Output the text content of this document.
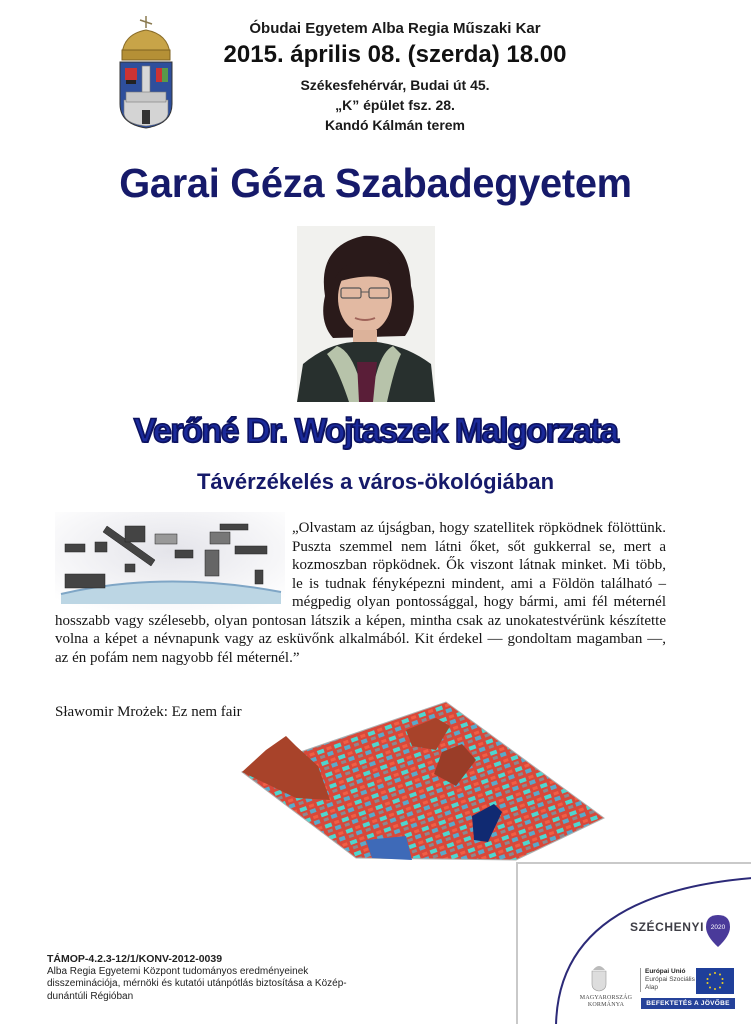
Óbudai Egyetem Alba Regia Műszaki Kar
2015. április 08. (szerda) 18.00
Székesfehérvár, Budai út 45.
„K” épület fsz. 28.
Kandó Kálmán terem
Garai Géza Szabadegyetem
Verőné Dr. Wojtaszek Malgorzata
Távérzékelés a város-ökológiában
„Olvastam az újságban, hogy szatellitek röpködnek fölöttünk. Puszta szemmel nem látni őket, sőt gukkerral se, mert a kozmoszban röpködnek. Ők viszont látnak minket. Mi több, le is tudnak fényképezni mindent, ami a Földön található – mégpedig olyan pontossággal, hogy bármi, ami fél méternél hosszabb vagy szélesebb, olyan pontosan látszik a képen, mintha csak az unokatestvérünk készítette volna a képet a névnapunk vagy az esküvőnk alkalmából. Kit érdekel — gondoltam magamban —, az én pofám nem nagyobb fél méternél.”
Sławomir Mrożek: Ez nem fair
TÁMOP-4.2.3-12/1/KONV-2012-0039
Alba Regia Egyetemi Központ tudományos eredményeinek disszeminációja, mérnöki és kutatói utánpótlás biztosítása a Közép-dunántúli Régióban
SZÉCHENYI 2020
MAGYARORSZÁG
KORMÁNYA
Európai Unió
Európai Szociális
Alap
BEFEKTETÉS A JÖVŐBE
